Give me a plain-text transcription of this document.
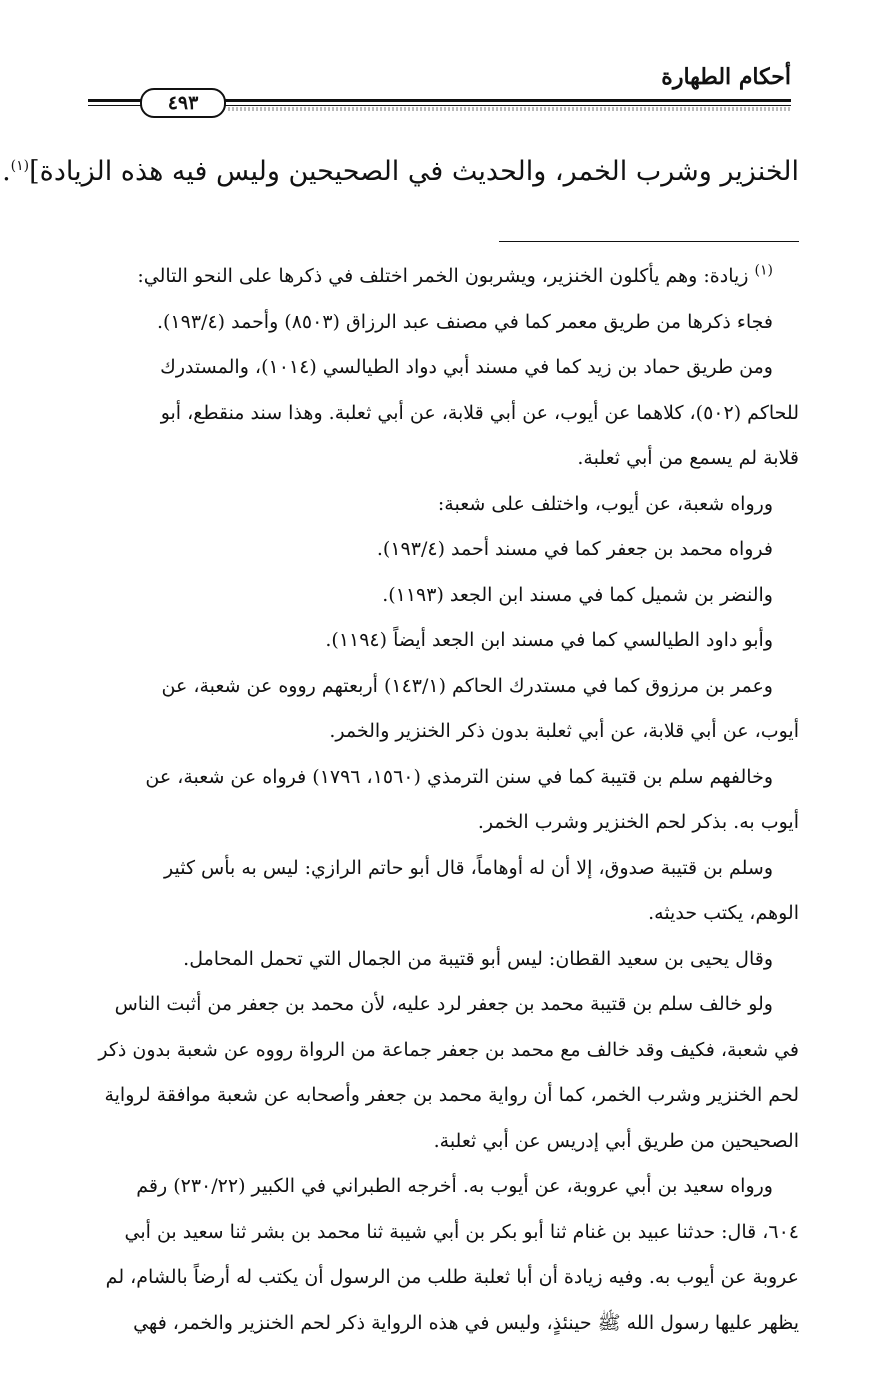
أحكام الطهارة
٤٩٣
الخنزير وشرب الخمر، والحديث في الصحيحين وليس فيه هذه الزيادة]$^{(١)}$.
$^{(١)}$ زيادة: وهم يأكلون الخنزير، ويشربون الخمر اختلف في ذكرها على النحو التالي:
فجاء ذكرها من طريق معمر كما في مصنف عبد الرزاق (٨٥٠٣) وأحمد (١٩٣/٤).
ومن طريق حماد بن زيد كما في مسند أبي دواد الطيالسي (١٠١٤)، والمستدرك
للحاكم (٥٠٢)، كلاهما عن أيوب، عن أبي قلابة، عن أبي ثعلبة. وهذا سند منقطع، أبو
قلابة لم يسمع من أبي ثعلبة.
ورواه شعبة، عن أيوب، واختلف على شعبة:
فرواه محمد بن جعفر كما في مسند أحمد (١٩٣/٤).
والنضر بن شميل كما في مسند ابن الجعد (١١٩٣).
وأبو داود الطيالسي كما في مسند ابن الجعد أيضاً (١١٩٤).
وعمر بن مرزوق كما في مستدرك الحاكم (١٤٣/١) أربعتهم رووه عن شعبة، عن
أيوب، عن أبي قلابة، عن أبي ثعلبة بدون ذكر الخنزير والخمر.
وخالفهم سلم بن قتيبة كما في سنن الترمذي (١٥٦٠، ١٧٩٦) فرواه عن شعبة، عن
أيوب به. بذكر لحم الخنزير وشرب الخمر.
وسلم بن قتيبة صدوق، إلا أن له أوهاماً، قال أبو حاتم الرازي: ليس به بأس كثير
الوهم، يكتب حديثه.
وقال يحيى بن سعيد القطان: ليس أبو قتيبة من الجمال التي تحمل المحامل.
ولو خالف سلم بن قتيبة محمد بن جعفر لرد عليه، لأن محمد بن جعفر من أثبت الناس
في شعبة، فكيف وقد خالف مع محمد بن جعفر جماعة من الرواة رووه عن شعبة بدون ذكر
لحم الخنزير وشرب الخمر، كما أن رواية محمد بن جعفر وأصحابه عن شعبة موافقة لرواية
الصحيحين من طريق أبي إدريس عن أبي ثعلبة.
ورواه سعيد بن أبي عروبة، عن أيوب به. أخرجه الطبراني في الكبير (٢٣٠/٢٢) رقم
٦٠٤، قال: حدثنا عبيد بن غنام ثنا أبو بكر بن أبي شيبة ثنا محمد بن بشر ثنا سعيد بن أبي
عروبة عن أيوب به. وفيه زيادة أن أبا ثعلبة طلب من الرسول أن يكتب له أرضاً بالشام، لم
يظهر عليها رسول الله ﷺ حينئذٍ، وليس في هذه الرواية ذكر لحم الخنزير والخمر، فهي
